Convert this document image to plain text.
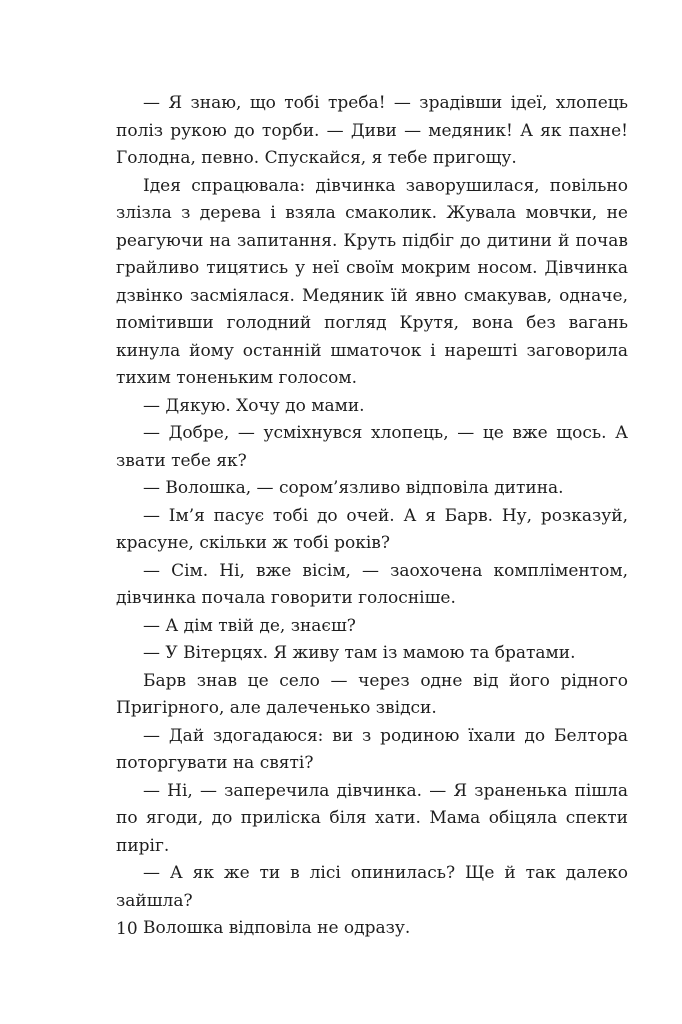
— Я знаю, що тобі треба! — зрадівши ідеї, хлопець поліз рукою до торби. — Диви — медяник! А як пахне! Голодна, певно. Спускайся, я тебе пригощу.

Ідея спрацювала: дівчинка заворушилася, повільно злізла з дерева і взяла смаколик. Жувала мовчки, не реагуючи на запитання. Круть підбіг до дитини й почав грайливо тицятись у неї своїм мокрим носом. Дівчинка дзвінко засміялася. Медяник їй явно смакував, одначе, помітивши голодний погляд Крутя, вона без вагань кинула йому останній шматочок і нарешті заговорила тихим тоненьким голосом.

— Дякую. Хочу до мами.

— Добре, — усміхнувся хлопець, — це вже щось. А звати тебе як?

— Волошка, — сором’язливо відповіла дитина.

— Ім’я пасує тобі до очей. А я Барв. Ну, розказуй, красуне, скільки ж тобі років?

— Сім. Ні, вже вісім, — заохочена компліментом, дівчинка почала говорити голосніше.

— А дім твій де, знаєш?

— У Вітерцях. Я живу там із мамою та братами.

Барв знав це село — через одне від його рідного Пригірного, але далеченько звідси.

— Дай здогадаюся: ви з родиною їхали до Белтора поторгувати на святі?

— Ні, — заперечила дівчинка. — Я зраненька пішла по ягоди, до приліска біля хати. Мама обіцяла спекти пиріг.

— А як же ти в лісі опинилась? Ще й так далеко зайшла?

Волошка відповіла не одразу.

10
